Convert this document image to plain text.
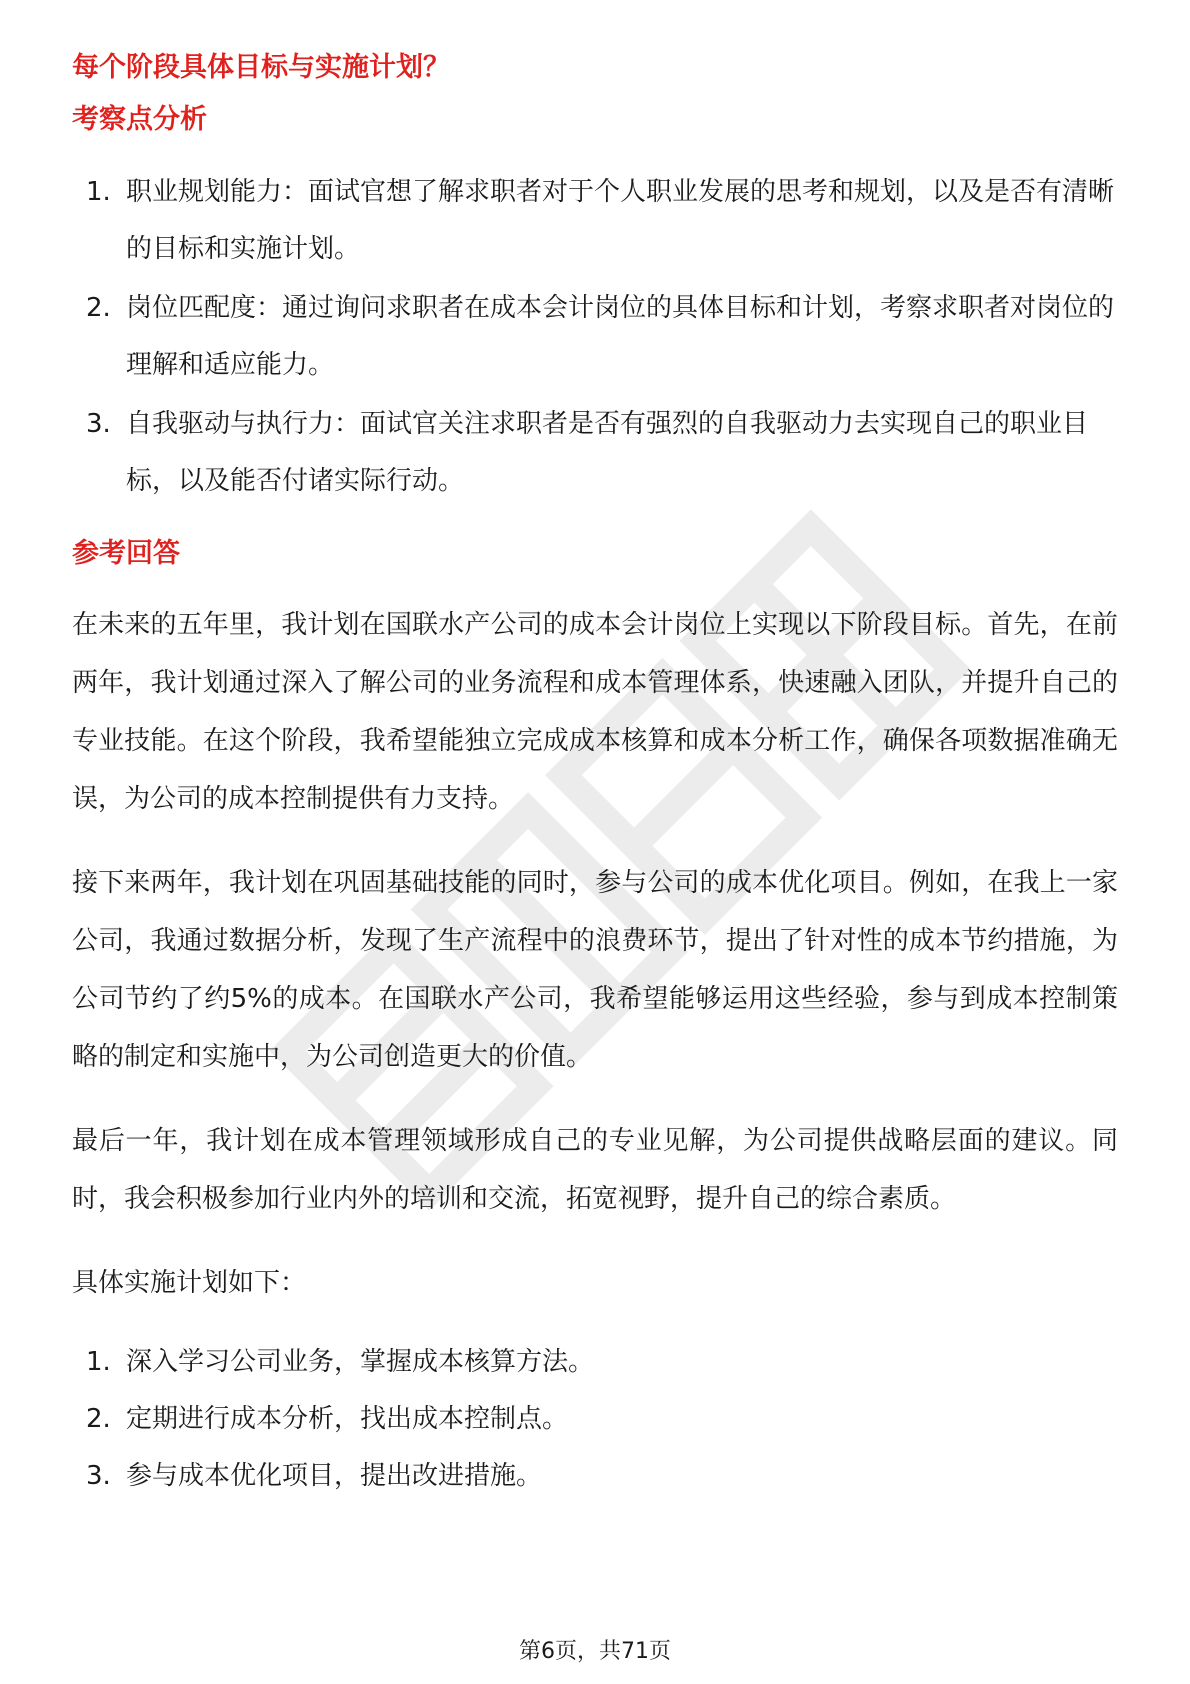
每个阶段具体目标与实施计划？
考察点分析
1. 职业规划能力：面试官想了解求职者对于个人职业发展的思考和规划，以及是否有清晰的目标和实施计划。
2. 岗位匹配度：通过询问求职者在成本会计岗位的具体目标和计划，考察求职者对岗位的理解和适应能力。
3. 自我驱动与执行力：面试官关注求职者是否有强烈的自我驱动力去实现自己的职业目标，以及能否付诸实际行动。
参考回答

在未来的五年里，我计划在国联水产公司的成本会计岗位上实现以下阶段目标。首先，在前两年，我计划通过深入了解公司的业务流程和成本管理体系，快速融入团队，并提升自己的专业技能。在这个阶段，我希望能独立完成成本核算和成本分析工作，确保各项数据准确无误，为公司的成本控制提供有力支持。

接下来两年，我计划在巩固基础技能的同时，参与公司的成本优化项目。例如，在我上一家公司，我通过数据分析，发现了生产流程中的浪费环节，提出了针对性的成本节约措施，为公司节约了约5%的成本。在国联水产公司，我希望能够运用这些经验，参与到成本控制策略的制定和实施中，为公司创造更大的价值。

最后一年，我计划在成本管理领域形成自己的专业见解，为公司提供战略层面的建议。同时，我会积极参加行业内外的培训和交流，拓宽视野，提升自己的综合素质。

具体实施计划如下：

1. 深入学习公司业务，掌握成本核算方法。
2. 定期进行成本分析，找出成本控制点。
3. 参与成本优化项目，提出改进措施。
第6页，共71页
